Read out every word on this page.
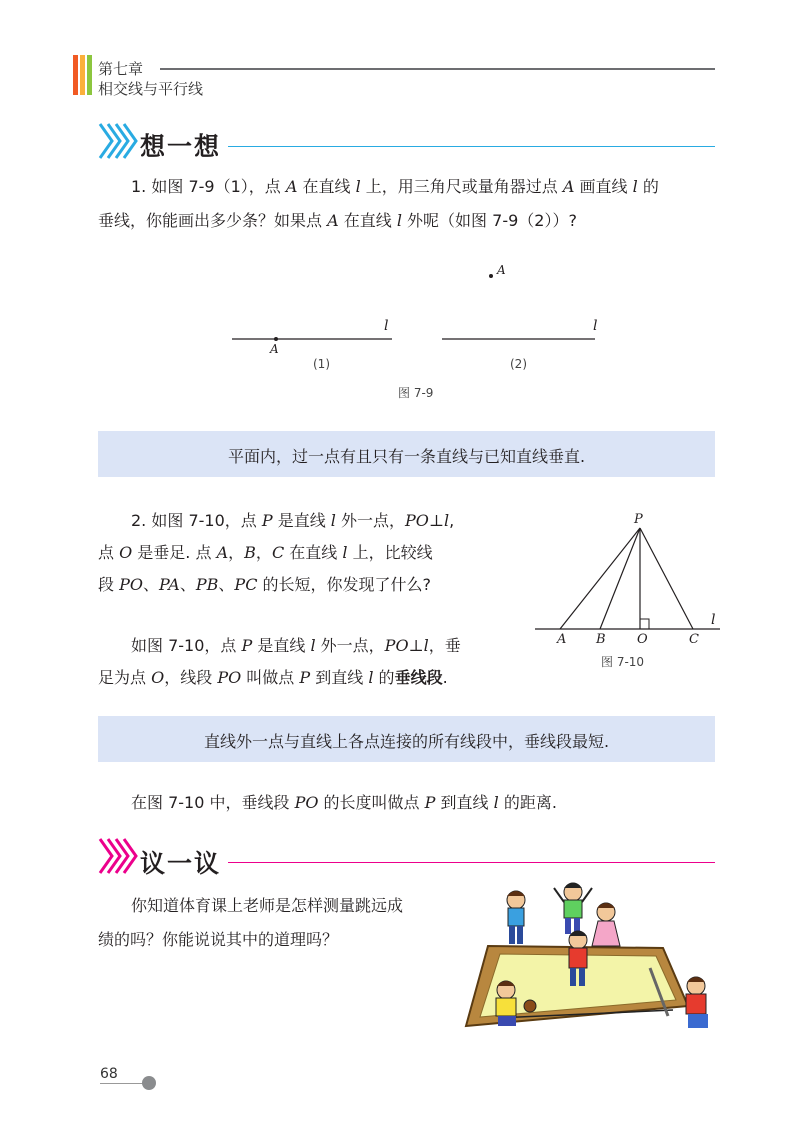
第七章
相交线与平行线
想一想
1. 如图 7-9（1），点 A 在直线 l 上，用三角尺或量角器过点 A 画直线 l 的
垂线，你能画出多少条？如果点 A 在直线 l 外呢（如图 7-9（2））?
A
l
A
l
(1)	(2)
图 7-9
平面内，过一点有且只有一条直线与已知直线垂直.
2. 如图 7-10，点 P 是直线 l 外一点，PO⊥l,
点 O 是垂足. 点 A，B，C 在直线 l 上，比较线
段 PO、PA、PB、PC 的长短，你发现了什么?
如图 7-10，点 P 是直线 l 外一点，PO⊥l，垂
足为点 O，线段 PO 叫做点 P 到直线 l 的垂线段.
P
A B O	C
l
图 7-10
直线外一点与直线上各点连接的所有线段中，垂线段最短.
在图 7-10 中，垂线段 PO 的长度叫做点 P 到直线 l 的距离.
议一议
你知道体育课上老师是怎样测量跳远成
绩的吗？你能说说其中的道理吗？
68
